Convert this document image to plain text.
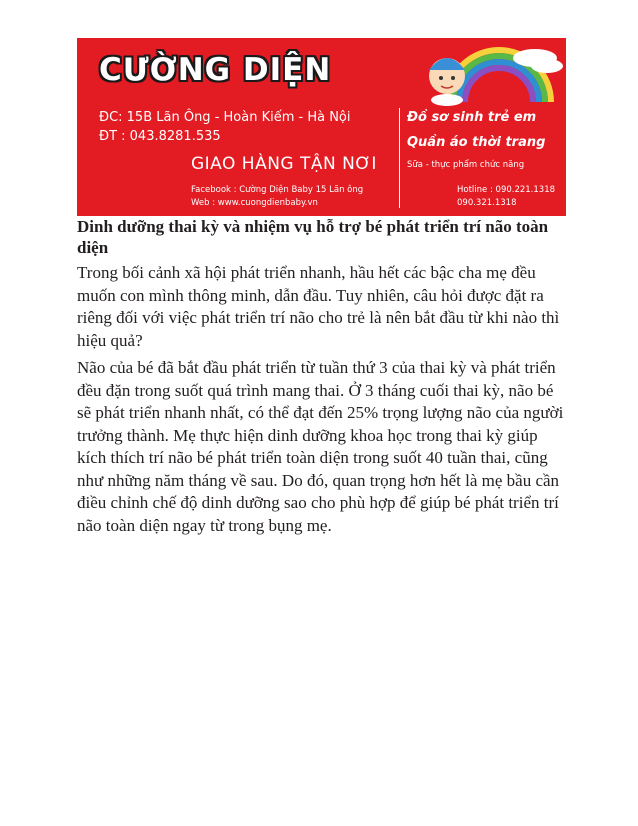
CƯỜNG DIỆN
ĐC: 15B Lãn Ông - Hoàn Kiếm - Hà Nội
ĐT : 043.8281.535
GIAO HÀNG TẬN NƠI
Facebook : Cường Diện Baby 15 Lãn ông
Web : www.cuongdienbaby.vn
Đồ sơ sinh trẻ em
Quần áo thời trang
Sữa - thực phẩm chức năng
Hotline : 090.221.1318
090.321.1318
Dinh dưỡng thai kỳ và nhiệm vụ hỗ trợ bé phát triển trí não toàn diện

Trong bối cảnh xã hội phát triển nhanh, hầu hết các bậc cha mẹ đều muốn con mình thông minh, dẫn đầu. Tuy nhiên, câu hỏi được đặt ra riêng đối với việc phát triển trí não cho trẻ là nên bắt đầu từ khi nào thì hiệu quả?

Não của bé đã bắt đầu phát triển từ tuần thứ 3 của thai kỳ và phát triển đều đặn trong suốt quá trình mang thai. Ở 3 tháng cuối thai kỳ, não bé sẽ phát triển nhanh nhất, có thể đạt đến 25% trọng lượng não của người trưởng thành. Mẹ thực hiện dinh dưỡng khoa học trong thai kỳ giúp kích thích trí não bé phát triển toàn diện trong suốt 40 tuần thai, cũng như những năm tháng về sau. Do đó, quan trọng hơn hết là mẹ bầu cần điều chỉnh chế độ dinh dưỡng sao cho phù hợp để giúp bé phát triển trí não toàn diện ngay từ trong bụng mẹ.
